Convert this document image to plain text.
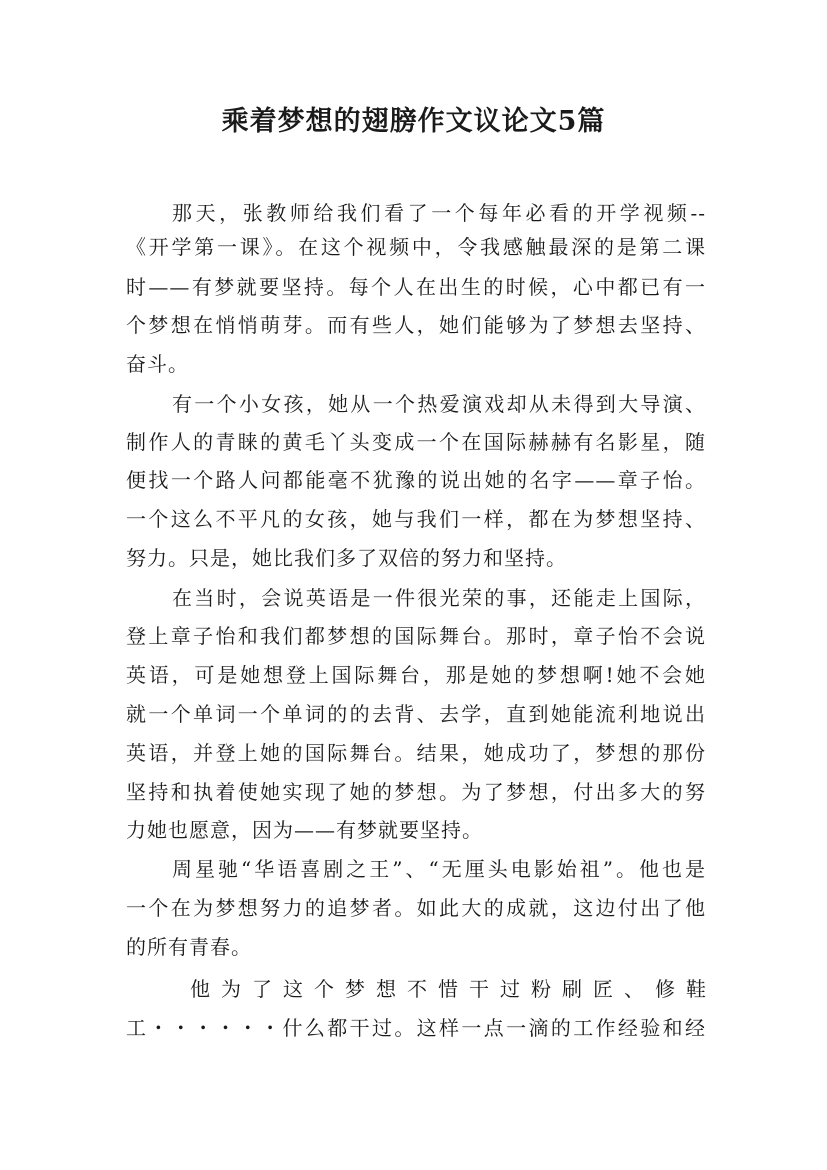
乘着梦想的翅膀作文议论文5篇
那天，张教师给我们看了一个每年必看的开学视频--
《开学第一课》。在这个视频中，令我感触最深的是第二课
时——有梦就要坚持。每个人在出生的时候，心中都已有一
个梦想在悄悄萌芽。而有些人，她们能够为了梦想去坚持、
奋斗。
有一个小女孩，她从一个热爱演戏却从未得到大导演、
制作人的青睐的黄毛丫头变成一个在国际赫赫有名影星，随
便找一个路人问都能毫不犹豫的说出她的名字——章子怡。
一个这么不平凡的女孩，她与我们一样，都在为梦想坚持、
努力。只是，她比我们多了双倍的努力和坚持。
在当时，会说英语是一件很光荣的事，还能走上国际，
登上章子怡和我们都梦想的国际舞台。那时，章子怡不会说
英语，可是她想登上国际舞台，那是她的梦想啊!她不会她
就一个单词一个单词的的去背、去学，直到她能流利地说出
英语，并登上她的国际舞台。结果，她成功了，梦想的那份
坚持和执着使她实现了她的梦想。为了梦想，付出多大的努
力她也愿意，因为——有梦就要坚持。
周星驰“华语喜剧之王”、“无厘头电影始祖”。他也是
一个在为梦想努力的追梦者。如此大的成就，这边付出了他
的所有青春。
他 为 了 这 个 梦 想 不 惜 干 过 粉 刷 匠 、 修 鞋
工・・・・・・什么都干过。这样一点一滴的工作经验和经
